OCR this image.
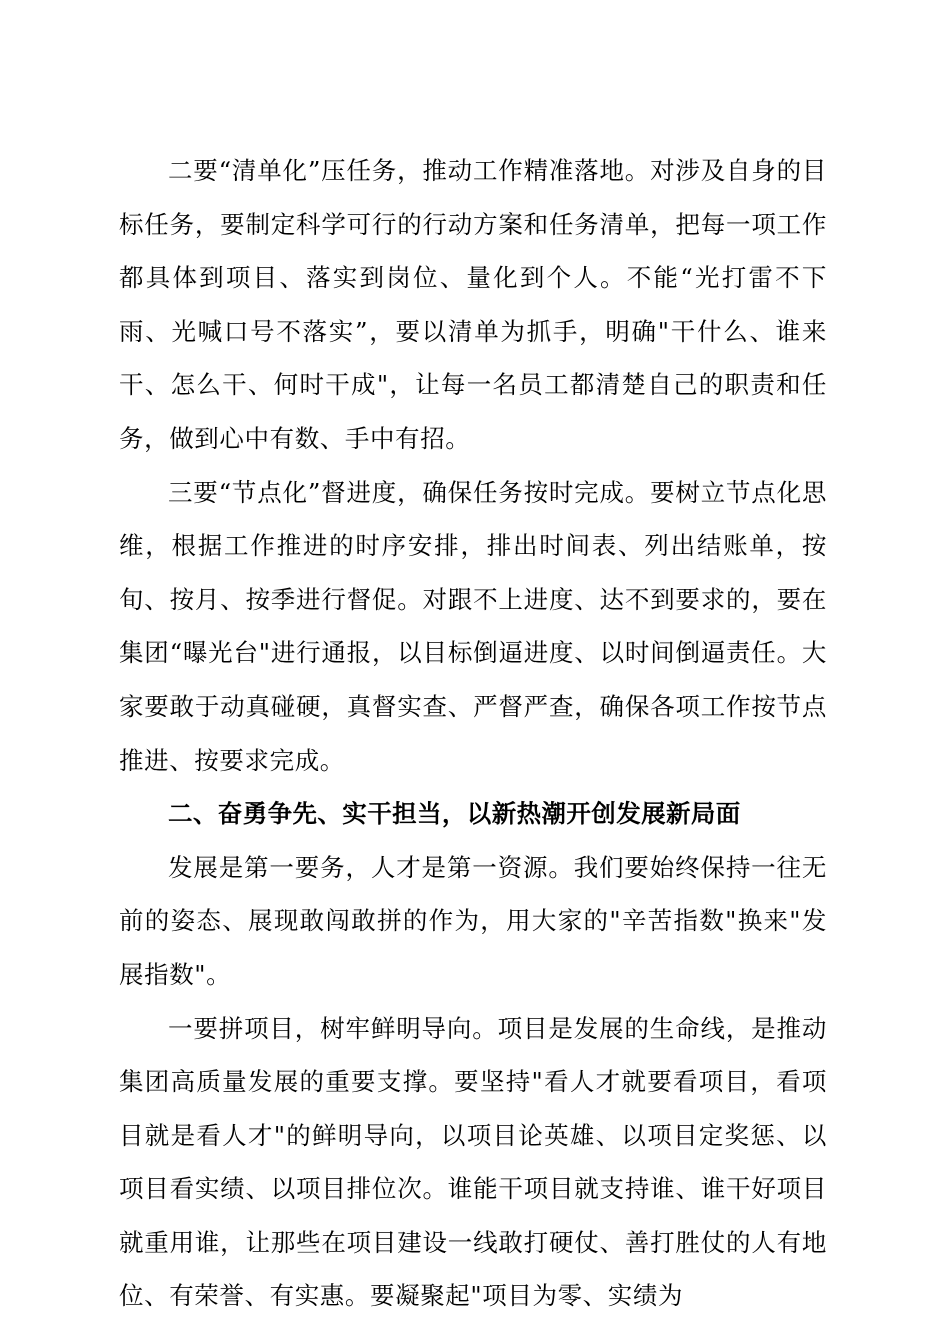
二要“清单化”压任务，推动工作精准落地。对涉及自身的目标任务，要制定科学可行的行动方案和任务清单，把每一项工作都具体到项目、落实到岗位、量化到个人。不能“光打雷不下雨、光喊口号不落实”，要以清单为抓手，明确"干什么、谁来干、怎么干、何时干成"，让每一名员工都清楚自己的职责和任务，做到心中有数、手中有招。

三要“节点化”督进度，确保任务按时完成。要树立节点化思维，根据工作推进的时序安排，排出时间表、列出结账单，按旬、按月、按季进行督促。对跟不上进度、达不到要求的，要在集团“曝光台"进行通报，以目标倒逼进度、以时间倒逼责任。大家要敢于动真碰硬，真督实查、严督严查，确保各项工作按节点推进、按要求完成。

二、奋勇争先、实干担当，以新热潮开创发展新局面

发展是第一要务，人才是第一资源。我们要始终保持一往无前的姿态、展现敢闯敢拼的作为，用大家的"辛苦指数"换来"发展指数"。

一要拼项目，树牢鲜明导向。项目是发展的生命线，是推动集团高质量发展的重要支撑。要坚持"看人才就要看项目，看项目就是看人才"的鲜明导向，以项目论英雄、以项目定奖惩、以项目看实绩、以项目排位次。谁能干项目就支持谁、谁干好项目就重用谁，让那些在项目建设一线敢打硬仗、善打胜仗的人有地位、有荣誉、有实惠。要凝聚起"项目为零、实绩为
